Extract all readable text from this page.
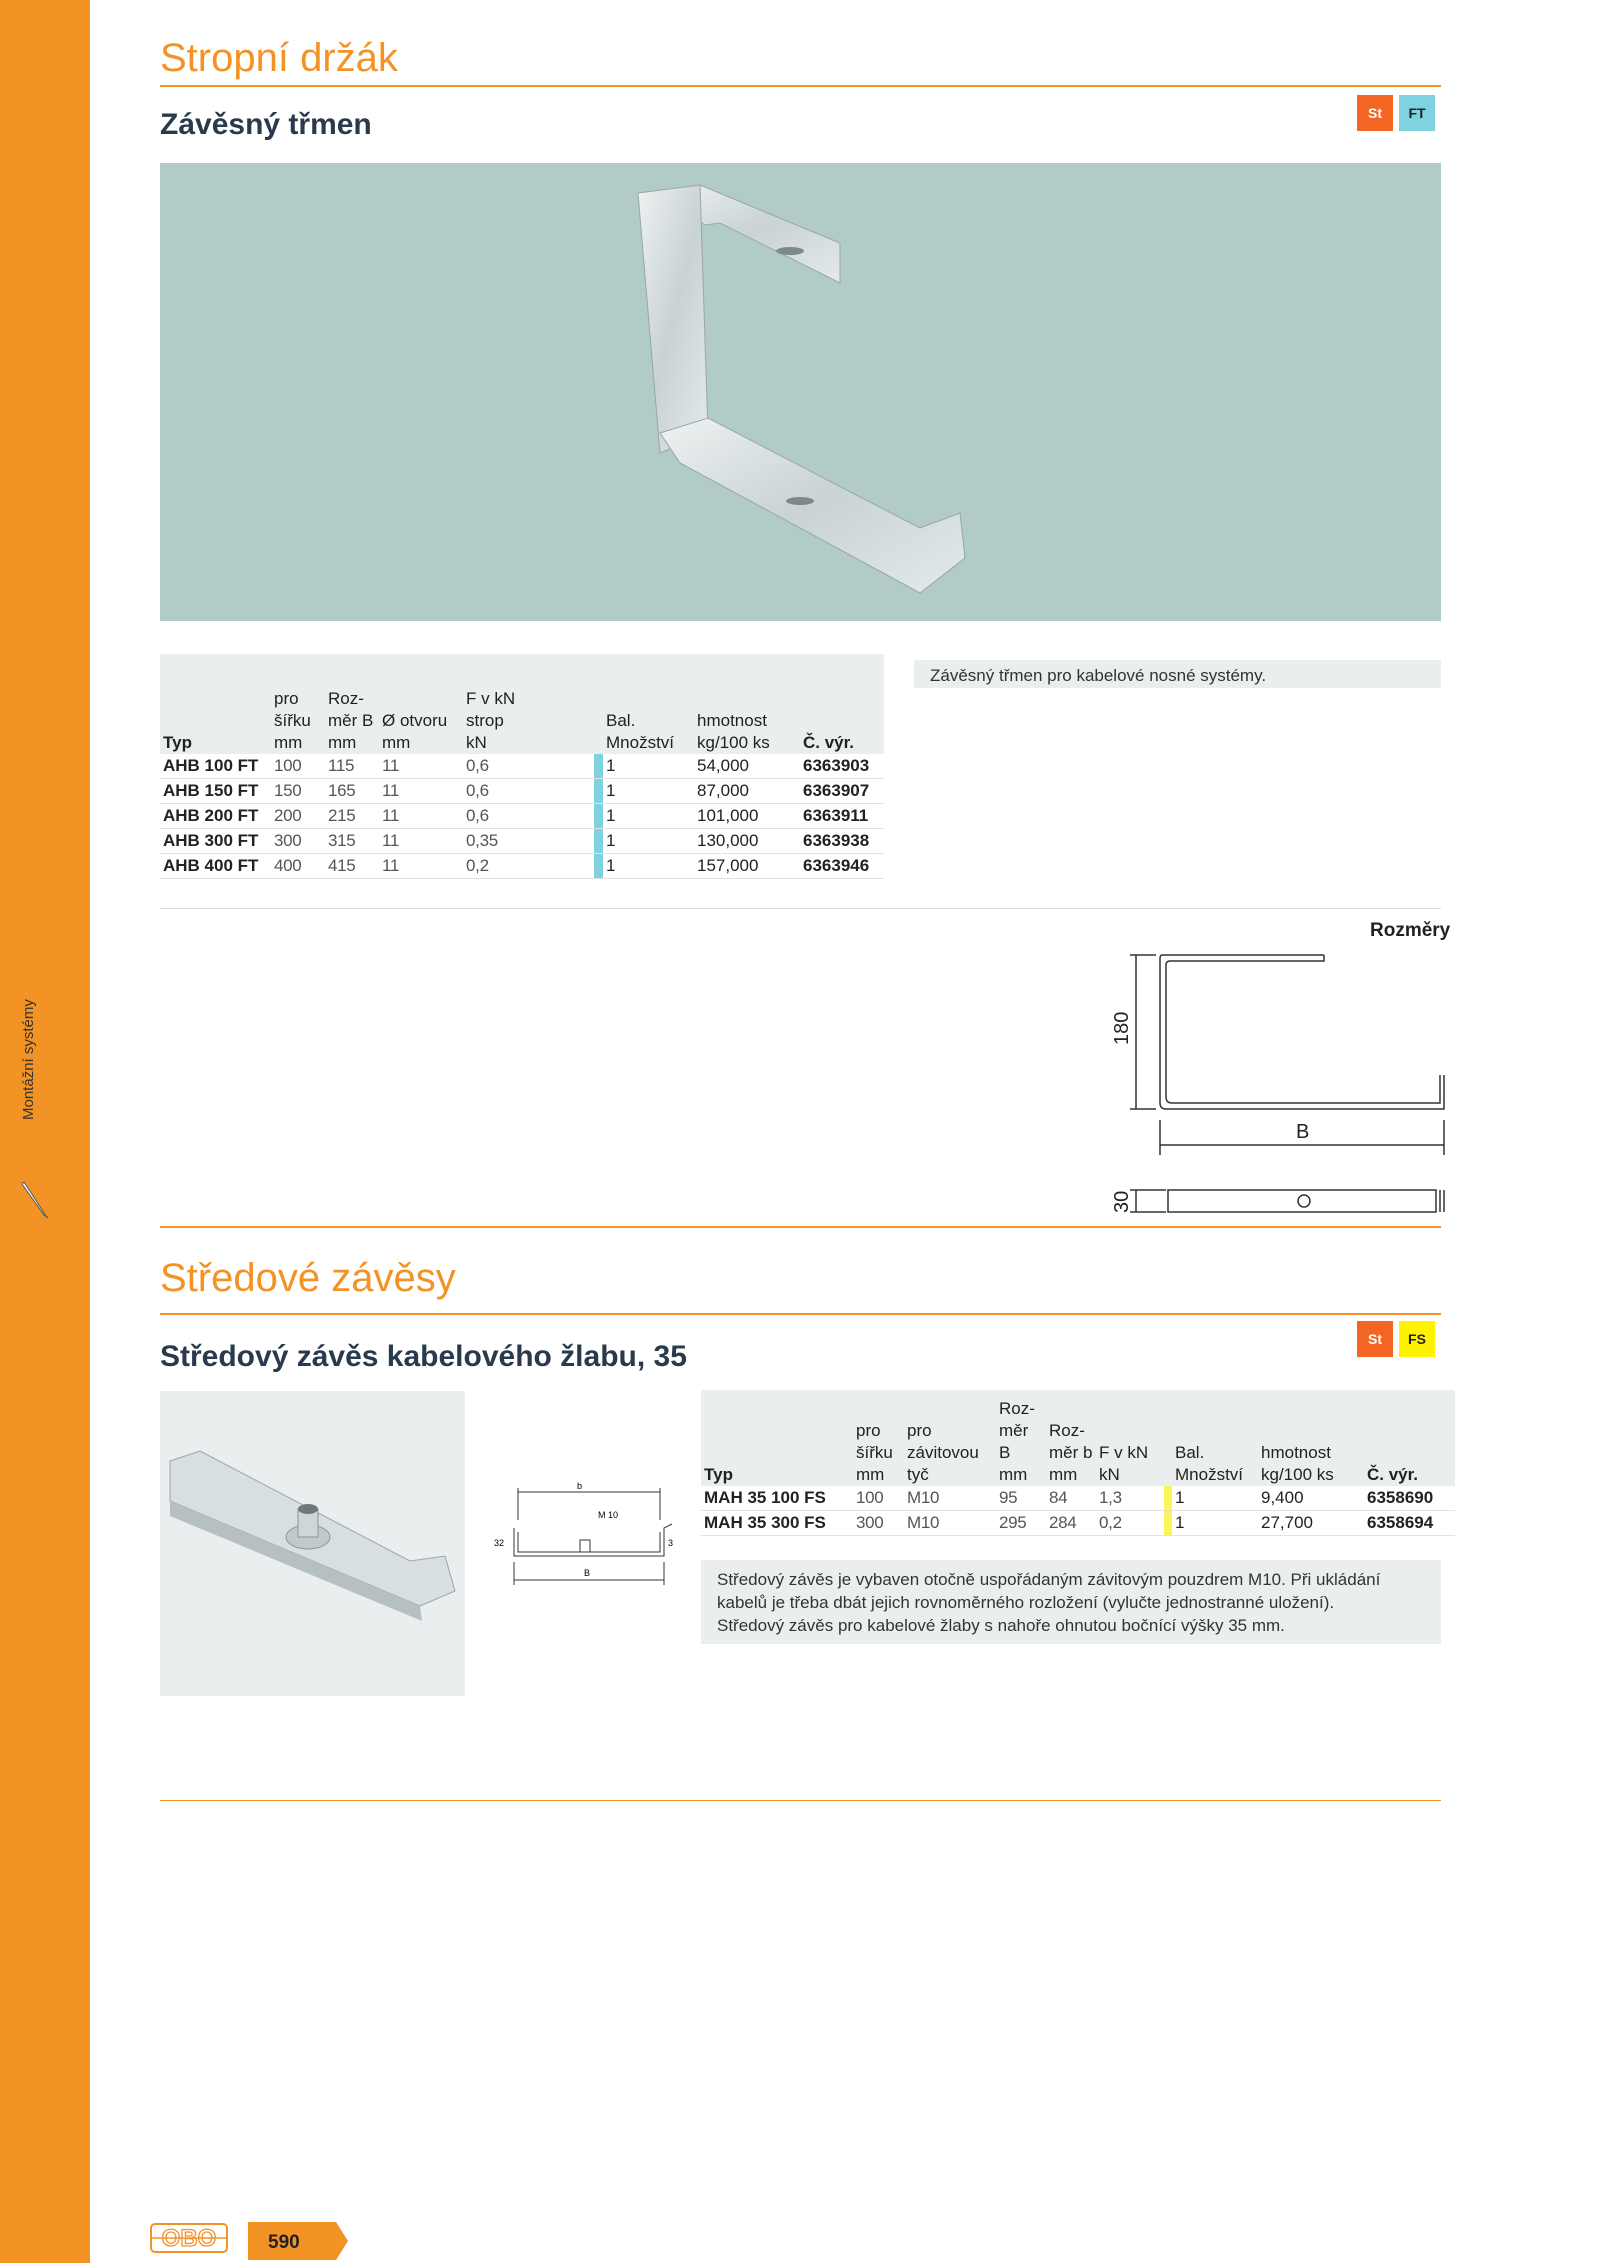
Montážní systémy
Stropní držák
Závěsný třmen	St	FT
Typ	pro šířku mm	Roz-měr B mm	Ø otvoru mm	F v kN strop kN		Bal. Množství	hmotnost kg/100 ks	Č. výr.
AHB 100 FT	100	115	11	0,6		1	54,000	6363903
AHB 150 FT	150	165	11	0,6		1	87,000	6363907
AHB 200 FT	200	215	11	0,6		1	101,000	6363911
AHB 300 FT	300	315	11	0,35		1	130,000	6363938
AHB 400 FT	400	415	11	0,2		1	157,000	6363946
Závěsný třmen pro kabelové nosné systémy.
Rozměry
180
B
30
Středové závěsy
Středový závěs kabelového žlabu, 35
St	FS
b
M 10
32	3
B
Typ	pro šířku mm	pro závitovou tyč	Roz-měr B mm	Roz-měr b mm	F v kN kN		Bal. Množství	hmotnost kg/100 ks	Č. výr.
MAH 35 100 FS	100	M10	95	84	1,3		1	9,400	6358690
MAH 35 300 FS	300	M10	295	284	0,2		1	27,700	6358694
Středový závěs je vybaven otočně uspořádaným závitovým pouzdrem M10. Při ukládání kabelů je třeba dbát jejich rovnoměrného rozložení (vylučte jednostranné uložení).
Středový závěs pro kabelové žlaby s nahoře ohnutou bočnící výšky 35 mm.
OBO	590
